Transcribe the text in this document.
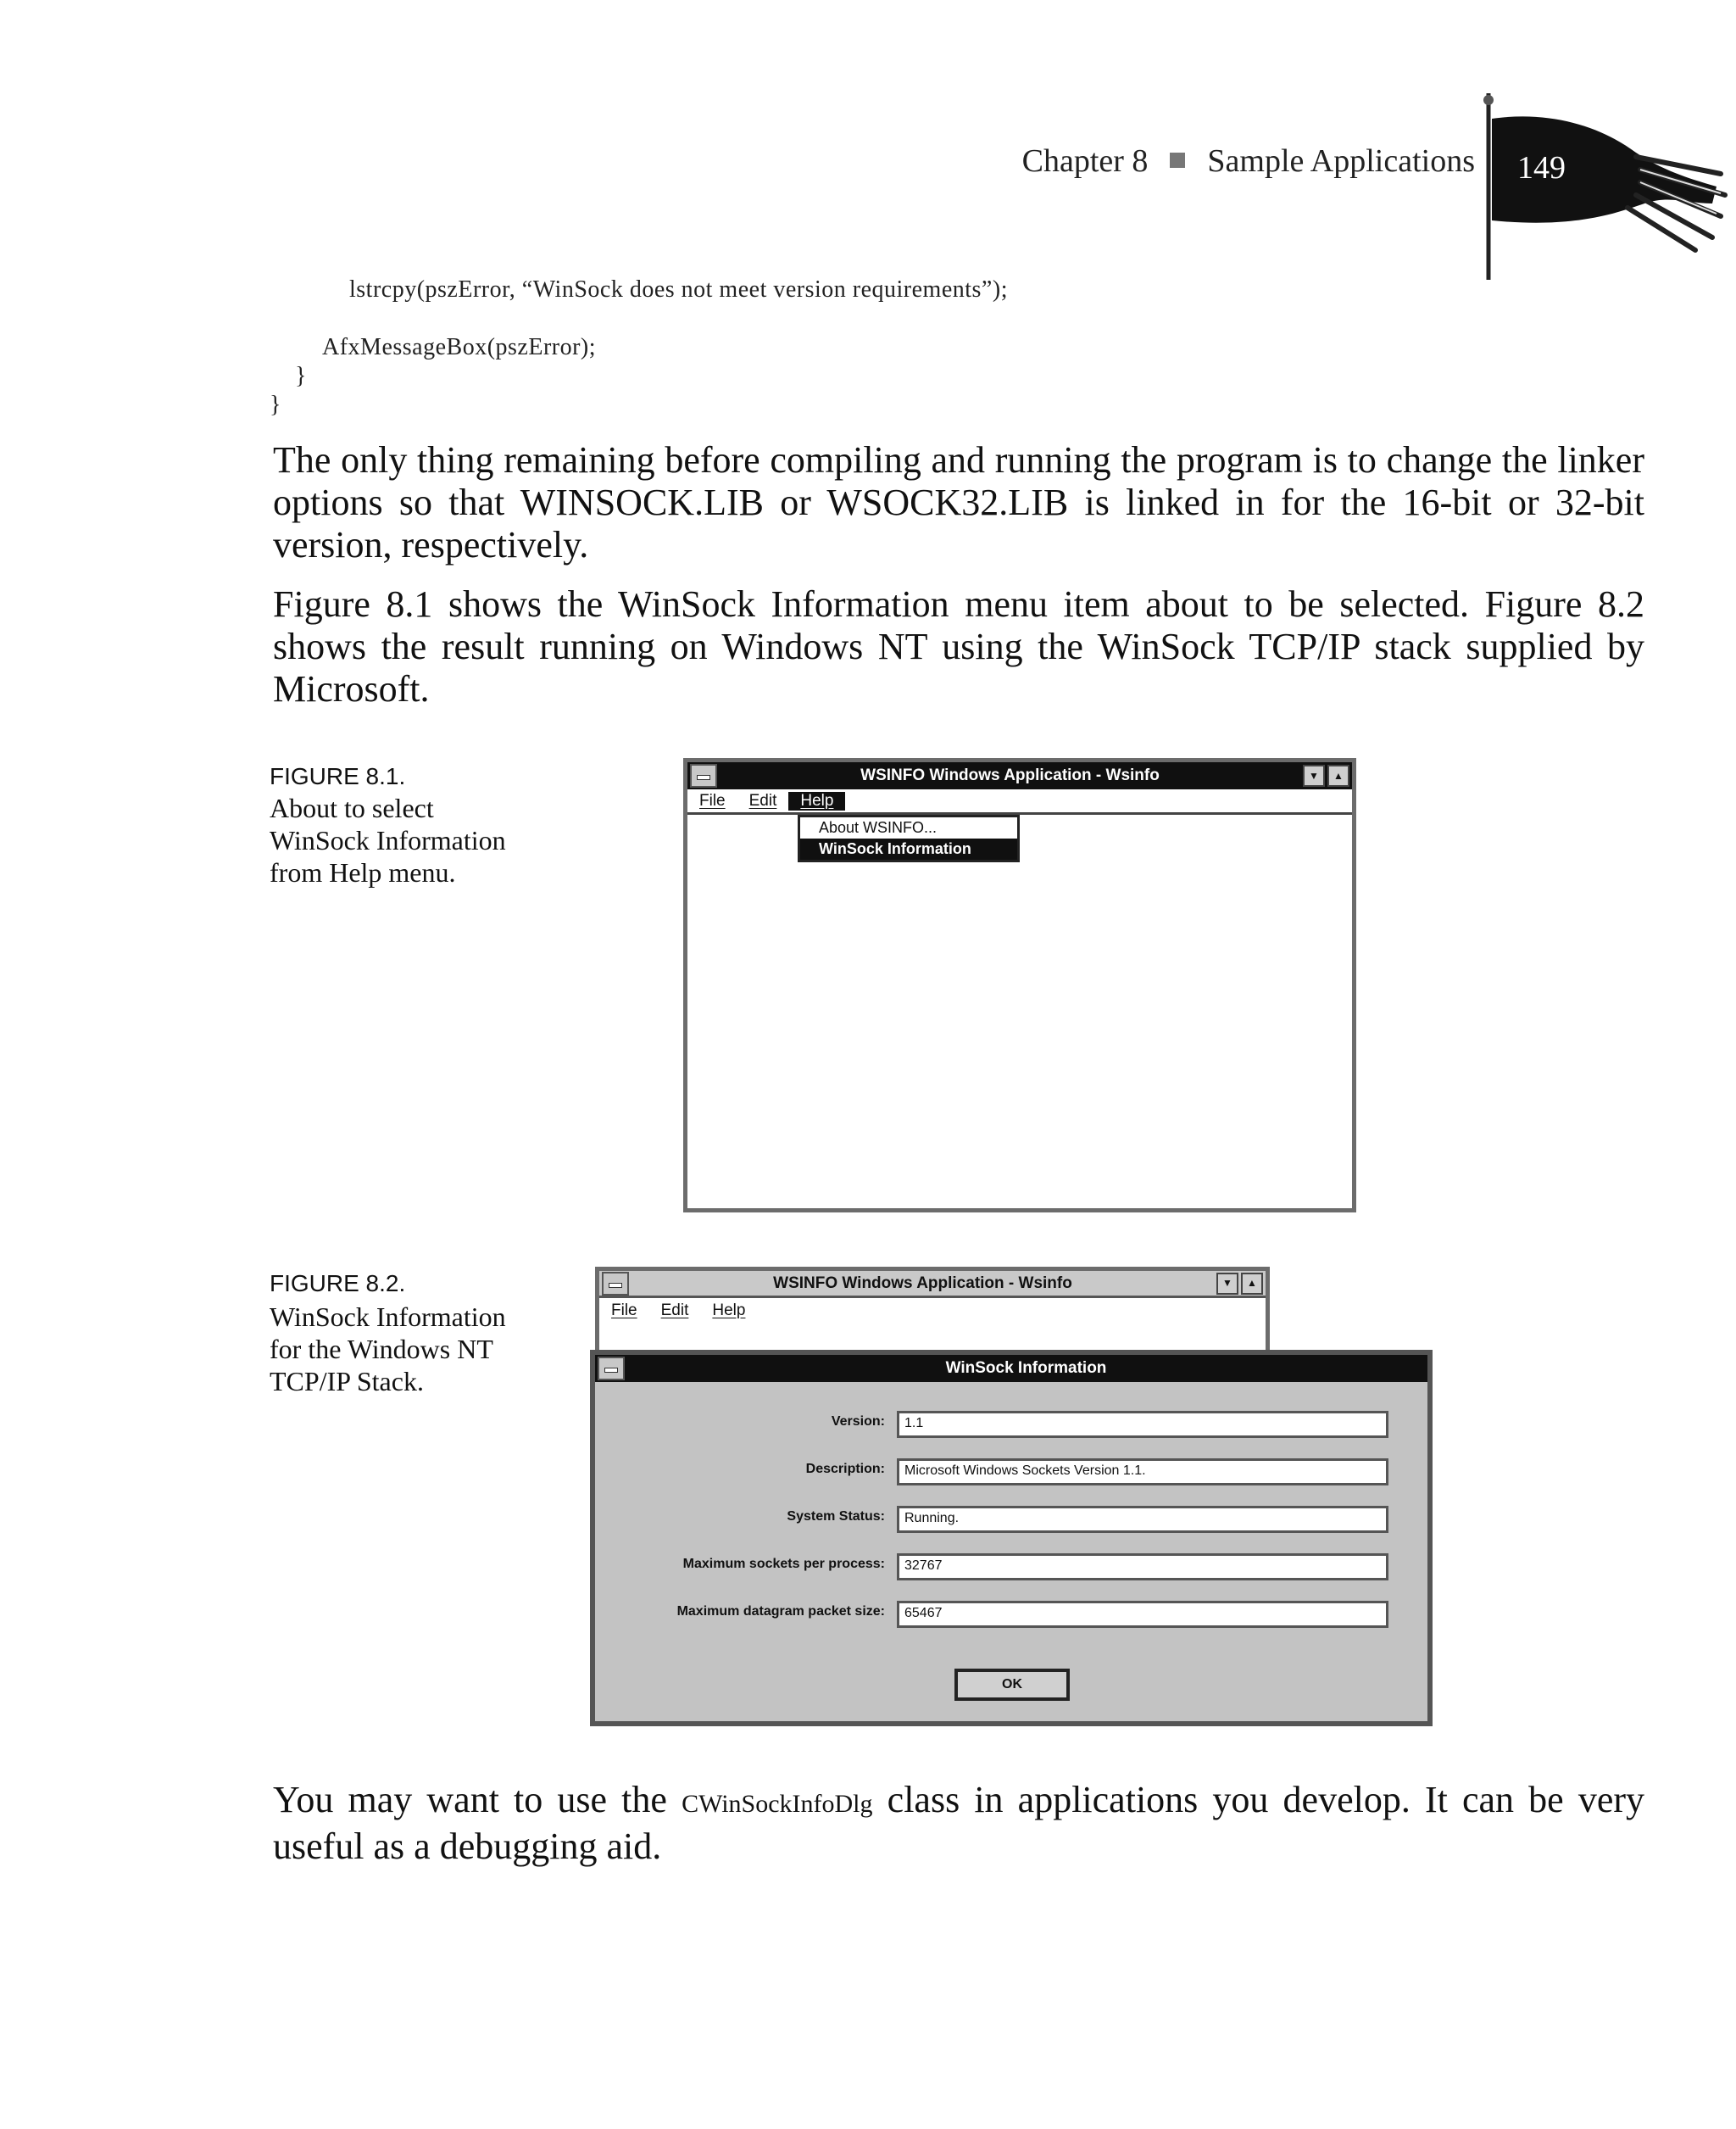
Chapter 8 Sample Applications 149
lstrcpy(pszError, “WinSock does not meet version requirements”);
AfxMessageBox(pszError);
}
}
The only thing remaining before compiling and running the program is to change the linker options so that WINSOCK.LIB or WSOCK32.LIB is linked in for the 16-bit or 32-bit version, respectively.
Figure 8.1 shows the WinSock Information menu item about to be selected. Figure 8.2 shows the result running on Windows NT using the WinSock TCP/IP stack supplied by Microsoft.
FIGURE 8.1.
About to select
WinSock Information
from Help menu.
WSINFO Windows Application - Wsinfo	▼	▲
File	Edit	Help
About WSINFO...
WinSock Information
FIGURE 8.2.
WinSock Information
for the Windows NT
TCP/IP Stack.
WSINFO Windows Application - Wsinfo	▼	▲
File	Edit	Help
WinSock Information
Version:	1.1
Description:	Microsoft Windows Sockets Version 1.1.
System Status:	Running.
Maximum sockets per process:	32767
Maximum datagram packet size:	65467
OK
You may want to use the CWinSockInfoDlg class in applications you develop. It can be very useful as a debugging aid.
